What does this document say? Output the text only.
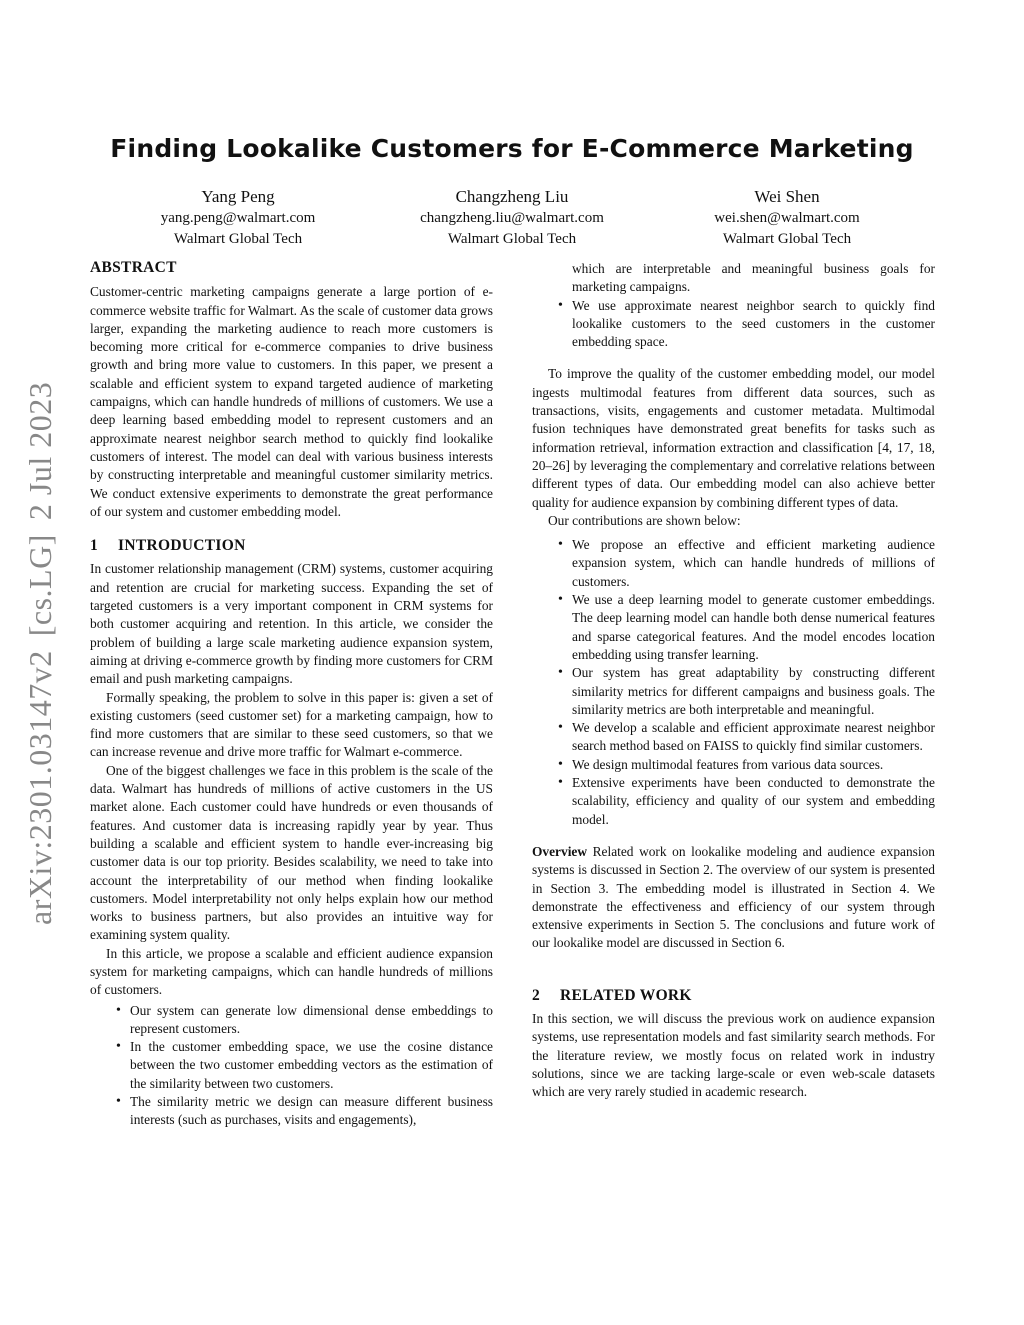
arXiv:2301.03147v2[cs.LG]2 Jul 2023
Finding Lookalike Customers for E-Commerce Marketing
Yang Peng
yang.peng@walmart.com
Walmart Global Tech
Changzheng Liu
changzheng.liu@walmart.com
Walmart Global Tech
Wei Shen
wei.shen@walmart.com
Walmart Global Tech
ABSTRACT

Customer-centric marketing campaigns generate a large portion of e-commerce website traffic for Walmart. As the scale of customer data grows larger, expanding the marketing audience to reach more customers is becoming more critical for e-commerce companies to drive business growth and bring more value to customers. In this paper, we present a scalable and efficient system to expand targeted audience of marketing campaigns, which can handle hundreds of millions of customers. We use a deep learning based embedding model to represent customers and an approximate nearest neighbor search method to quickly find lookalike customers of interest. The model can deal with various business interests by constructing interpretable and meaningful customer similarity metrics. We conduct extensive experiments to demonstrate the great performance of our system and customer embedding model.

1 INTRODUCTION

In customer relationship management (CRM) systems, customer acquiring and retention are crucial for marketing success. Expanding the set of targeted customers is a very important component in CRM systems for both customer acquiring and retention. In this article, we consider the problem of building a large scale marketing audience expansion system, aiming at driving e-commerce growth by finding more customers for CRM email and push marketing campaigns.

Formally speaking, the problem to solve in this paper is: given a set of existing customers (seed customer set) for a marketing campaign, how to find more customers that are similar to these seed customers, so that we can increase revenue and drive more traffic for Walmart e-commerce.

One of the biggest challenges we face in this problem is the scale of the data. Walmart has hundreds of millions of active customers in the US market alone. Each customer could have hundreds or even thousands of features. And customer data is increasing rapidly year by year. Thus building a scalable and efficient system to handle ever-increasing big customer data is our top priority. Besides scalability, we need to take into account the interpretability of our method when finding lookalike customers. Model interpretability not only helps explain how our method works to business partners, but also provides an intuitive way for examining system quality.

In this article, we propose a scalable and efficient audience expansion system for marketing campaigns, which can handle hundreds of millions of customers.

• Our system can generate low dimensional dense embeddings to represent customers.
• In the customer embedding space, we use the cosine distance between the two customer embedding vectors as the estimation of the similarity between two customers.
• The similarity metric we design can measure different business interests (such as purchases, visits and engagements),
which are interpretable and meaningful business goals for marketing campaigns.
• We use approximate nearest neighbor search to quickly find lookalike customers to the seed customers in the customer embedding space.

To improve the quality of the customer embedding model, our model ingests multimodal features from different data sources, such as transactions, visits, engagements and customer metadata. Multimodal fusion techniques have demonstrated great benefits for tasks such as information retrieval, information extraction and classification [4, 17, 18, 20–26] by leveraging the complementary and correlative relations between different types of data. Our embedding model can also achieve better quality for audience expansion by combining different types of data.

Our contributions are shown below:

• We propose an effective and efficient marketing audience expansion system, which can handle hundreds of millions of customers.
• We use a deep learning model to generate customer embeddings. The deep learning model can handle both dense numerical features and sparse categorical features. And the model encodes location embedding using transfer learning.
• Our system has great adaptability by constructing different similarity metrics for different campaigns and business goals. The similarity metrics are both interpretable and meaningful.
• We develop a scalable and efficient approximate nearest neighbor search method based on FAISS to quickly find similar customers.
• We design multimodal features from various data sources.
• Extensive experiments have been conducted to demonstrate the scalability, efficiency and quality of our system and embedding model.

Overview Related work on lookalike modeling and audience expansion systems is discussed in Section 2. The overview of our system is presented in Section 3. The embedding model is illustrated in Section 4. We demonstrate the effectiveness and efficiency of our system through extensive experiments in Section 5. The conclusions and future work of our lookalike model are discussed in Section 6.

2 RELATED WORK

In this section, we will discuss the previous work on audience expansion systems, use representation models and fast similarity search methods. For the literature review, we mostly focus on related work in industry solutions, since we are tacking large-scale or even web-scale datasets which are very rarely studied in academic research.
